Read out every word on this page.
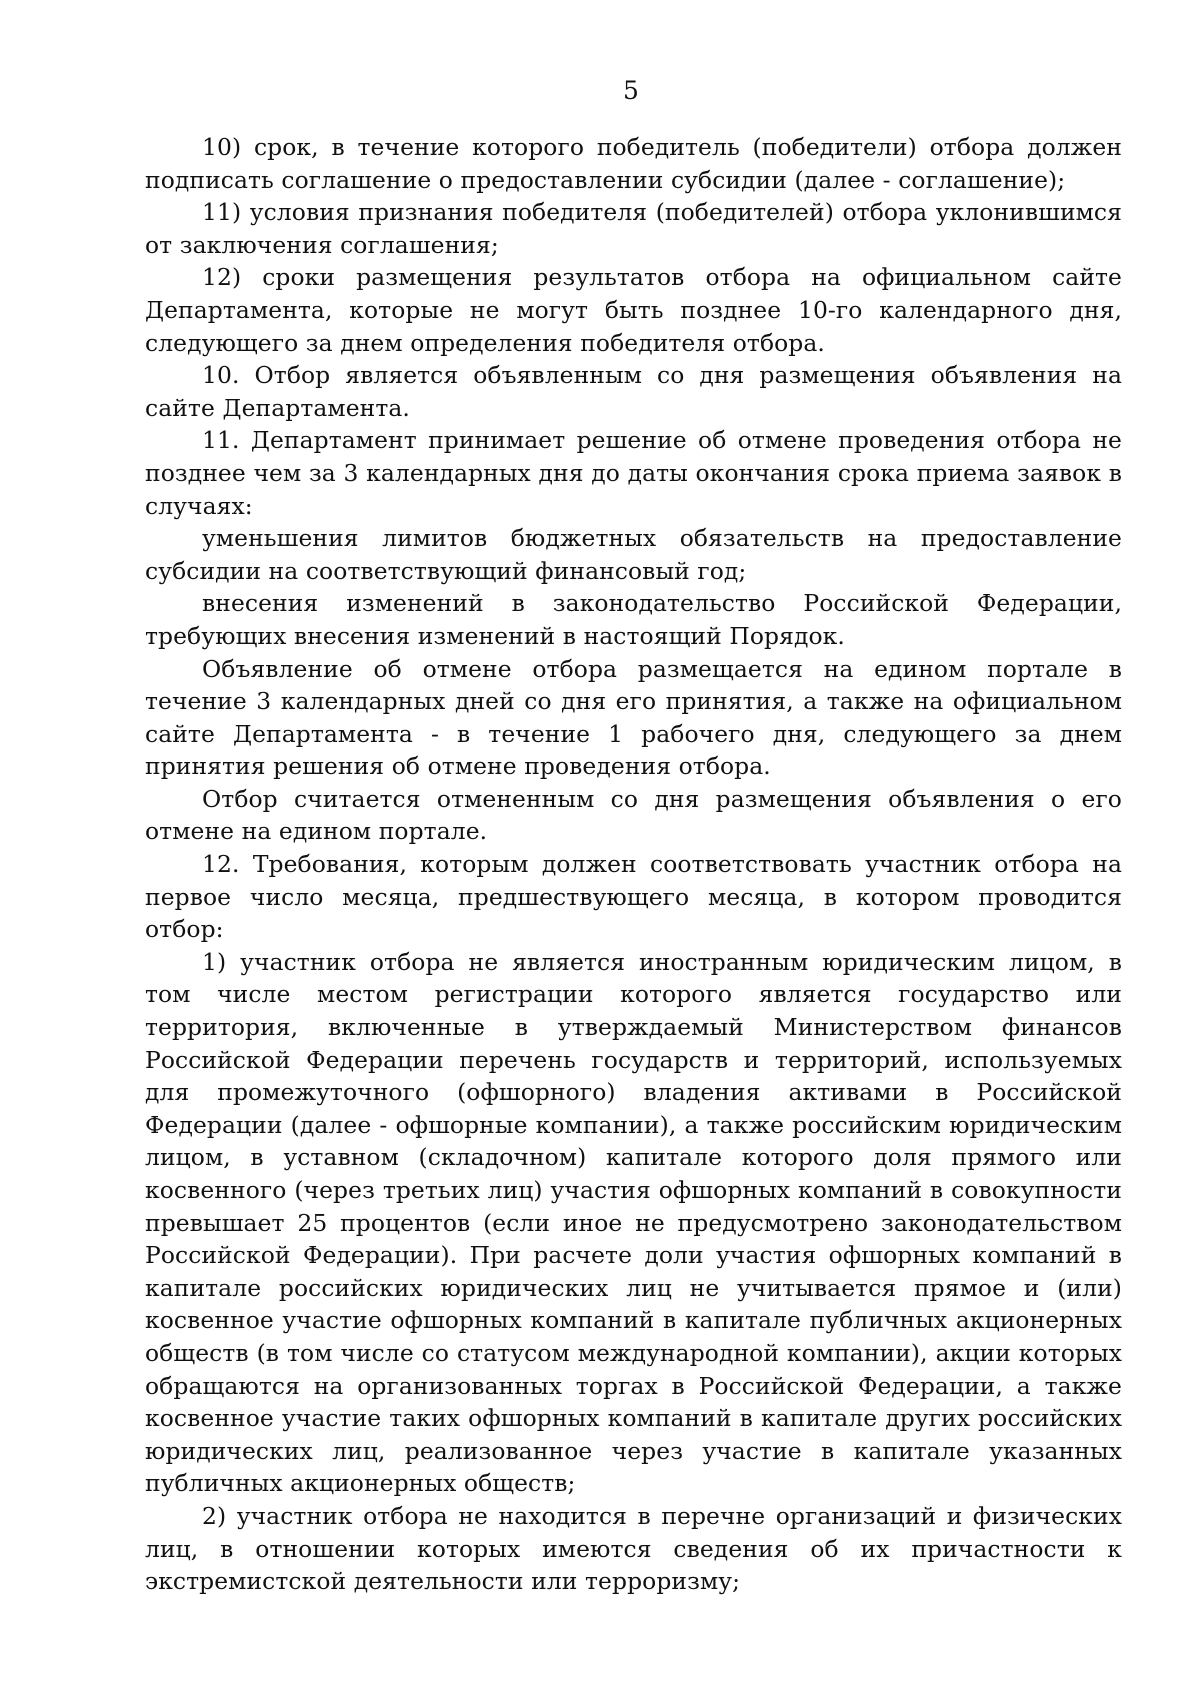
5

10) срок, в течение которого победитель (победители) отбора должен подписать соглашение о предоставлении субсидии (далее - соглашение);

11) условия признания победителя (победителей) отбора уклонившимся от заключения соглашения;

12) сроки размещения результатов отбора на официальном сайте Департамента, которые не могут быть позднее 10-го календарного дня, следующего за днем определения победителя отбора.

10. Отбор является объявленным со дня размещения объявления на сайте Департамента.

11. Департамент принимает решение об отмене проведения отбора не позднее чем за 3 календарных дня до даты окончания срока приема заявок в случаях:

уменьшения лимитов бюджетных обязательств на предоставление субсидии на соответствующий финансовый год;

внесения изменений в законодательство Российской Федерации, требующих внесения изменений в настоящий Порядок.

Объявление об отмене отбора размещается на едином портале в течение 3 календарных дней со дня его принятия, а также на официальном сайте Департамента - в течение 1 рабочего дня, следующего за днем принятия решения об отмене проведения отбора.

Отбор считается отмененным со дня размещения объявления о его отмене на едином портале.

12. Требования, которым должен соответствовать участник отбора на первое число месяца, предшествующего месяца, в котором проводится отбор:

1) участник отбора не является иностранным юридическим лицом, в том числе местом регистрации которого является государство или территория, включенные в утверждаемый Министерством финансов Российской Федерации перечень государств и территорий, используемых для промежуточного (офшорного) владения активами в Российской Федерации (далее - офшорные компании), а также российским юридическим лицом, в уставном (складочном) капитале которого доля прямого или косвенного (через третьих лиц) участия офшорных компаний в совокупности превышает 25 процентов (если иное не предусмотрено законодательством Российской Федерации). При расчете доли участия офшорных компаний в капитале российских юридических лиц не учитывается прямое и (или) косвенное участие офшорных компаний в капитале публичных акционерных обществ (в том числе со статусом международной компании), акции которых обращаются на организованных торгах в Российской Федерации, а также косвенное участие таких офшорных компаний в капитале других российских юридических лиц, реализованное через участие в капитале указанных публичных акционерных обществ;

2) участник отбора не находится в перечне организаций и физических лиц, в отношении которых имеются сведения об их причастности к экстремистской деятельности или терроризму;
